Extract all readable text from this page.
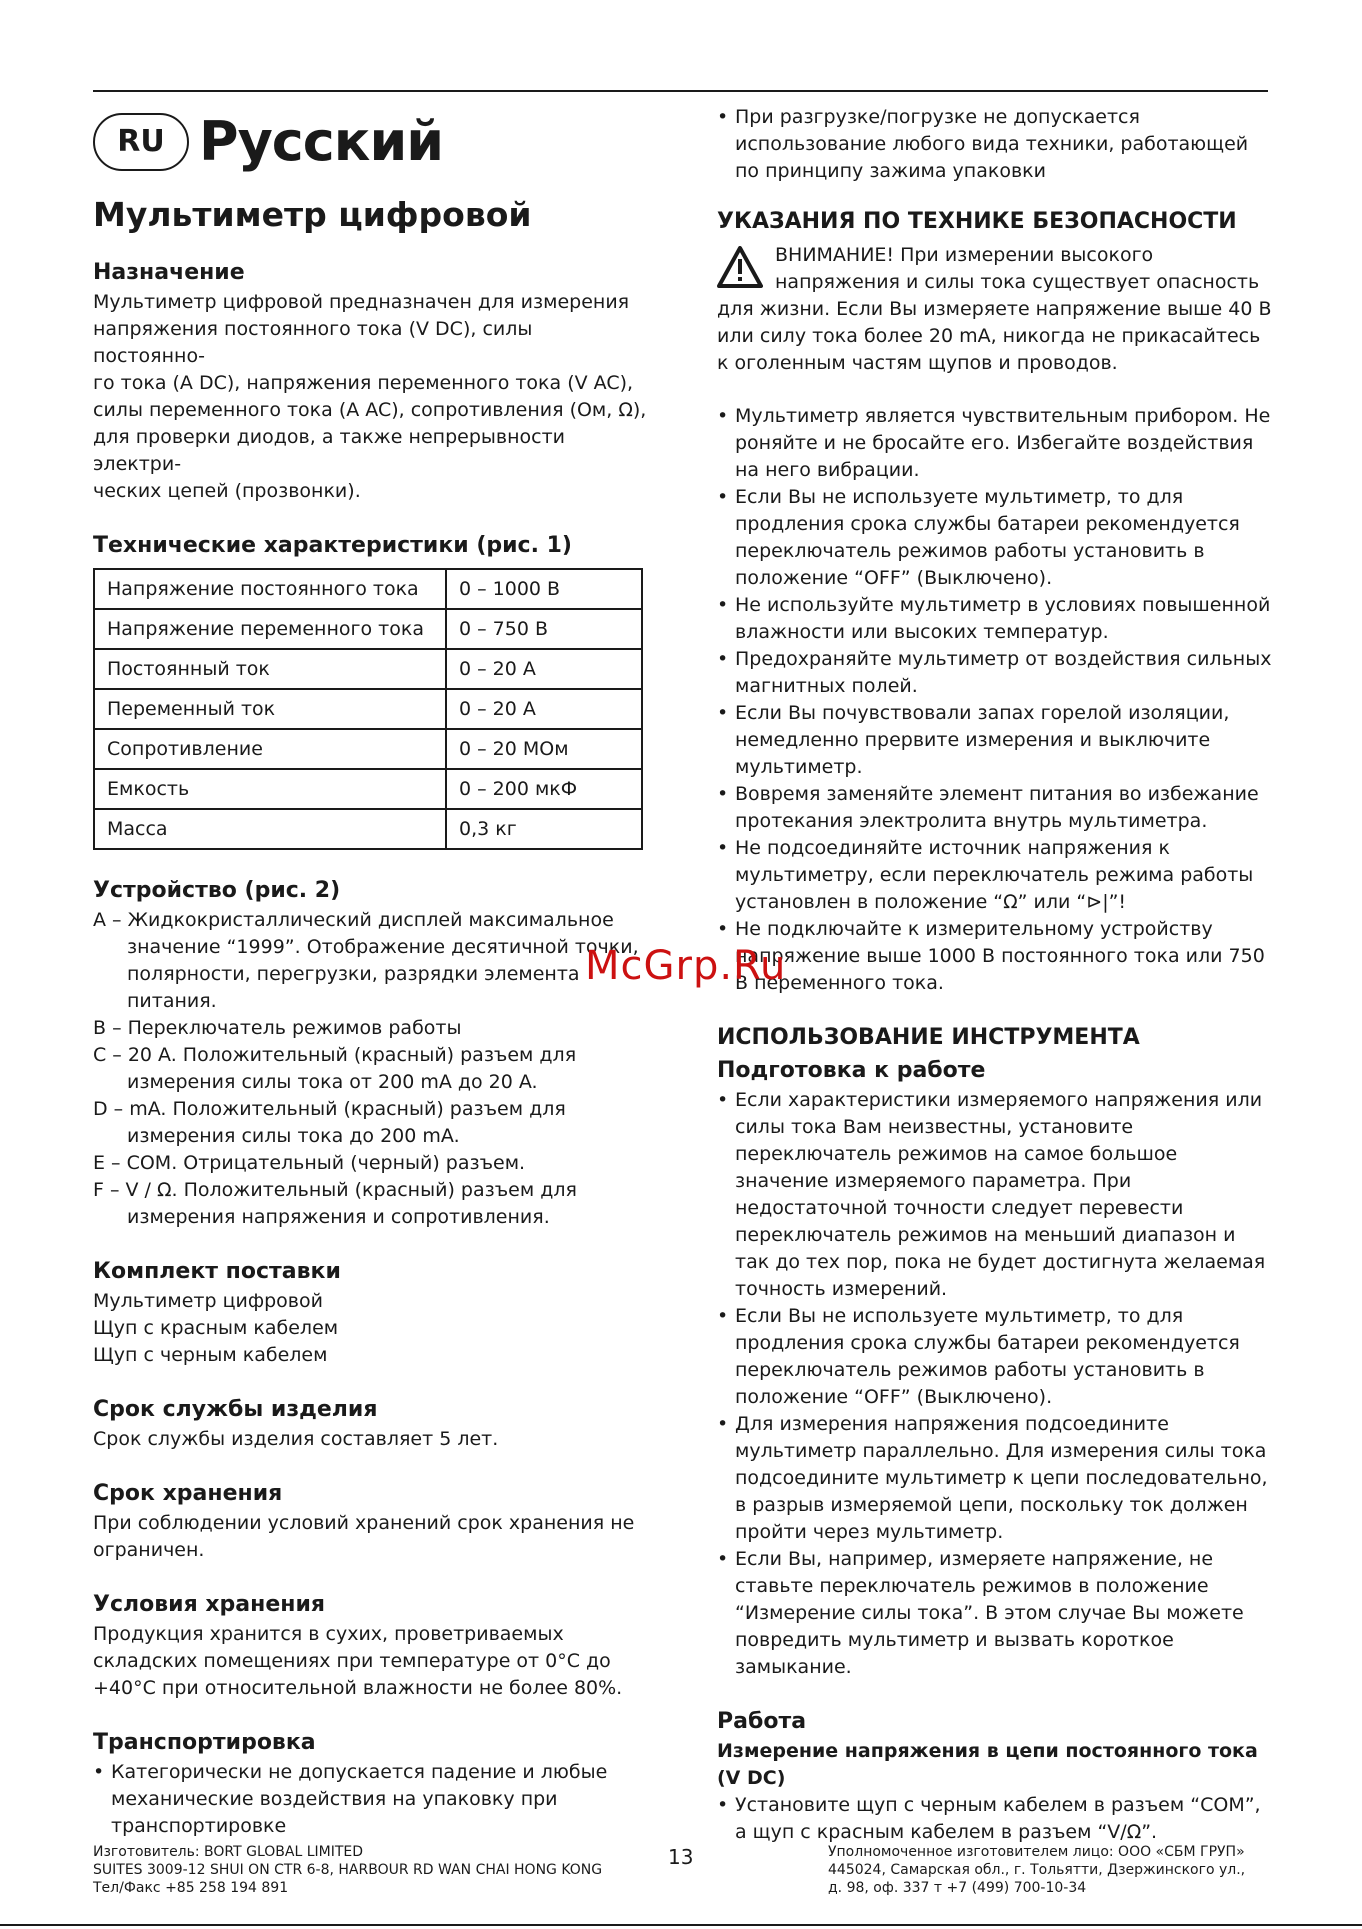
RU Русский
Мультиметр цифровой
Назначение
Мультиметр цифровой предназначен для измерения
напряжения постоянного тока (V DC), силы постоянно-
го тока (A DC), напряжения переменного тока (V AC),
силы переменного тока (A AC), сопротивления (Ом, Ω),
для проверки диодов, а также непрерывности электри-
ческих цепей (прозвонки).
Технические характеристики (рис. 1)
Напряжение постоянного тока	0 – 1000 В
Напряжение переменного тока	0 – 750 В
Постоянный ток	0 – 20 А
Переменный ток	0 – 20 А
Сопротивление	0 – 20 МОм
Емкость	0 – 200 мкФ
Масса	0,3 кг
Устройство (рис. 2)
A – Жидкокристаллический дисплей максимальное значение “1999”. Отображение десятичной точки, полярности, перегрузки, разрядки элемента питания.
B – Переключатель режимов работы
C – 20 A. Положительный (красный) разъем для измерения силы тока от 200 mA до 20 A.
D – mA. Положительный (красный) разъем для измерения силы тока до 200 mA.
E – COM. Отрицательный (черный) разъем.
F – V / Ω. Положительный (красный) разъем для измерения напряжения и сопротивления.
Комплект поставки
Мультиметр цифровой
Щуп с красным кабелем
Щуп с черным кабелем
Срок службы изделия

Срок службы изделия составляет 5 лет.

Срок хранения

При соблюдении условий хранений срок хранения не ограничен.

Условия хранения

Продукция хранится в сухих, проветриваемых складских помещениях при температуре от 0°C до +40°C при относительной влажности не более 80%.

Транспортировка
• Категорически не допускается падение и любые механические воздействия на упаковку при транспортировке
• При разгрузке/погрузке не допускается использование любого вида техники, работающей по принципу зажима упаковки
УКАЗАНИЯ ПО ТЕХНИКЕ БЕЗОПАСНОСТИ
ВНИМАНИЕ! При измерении высокого напряжения и силы тока существует опасность для жизни. Если Вы измеряете напряжение выше 40 В или силу тока более 20 mA, никогда не прикасайтесь к оголенным частям щупов и проводов.
• Мультиметр является чувствительным прибором. Не роняйте и не бросайте его. Избегайте воздействия на него вибрации.
• Если Вы не используете мультиметр, то для продления срока службы батареи рекомендуется переключатель режимов работы установить в положение “OFF” (Выключено).
• Не используйте мультиметр в условиях повышенной влажности или высоких температур.
• Предохраняйте мультиметр от воздействия сильных магнитных полей.
• Если Вы почувствовали запах горелой изоляции, немедленно прервите измерения и выключите мультиметр.
• Вовремя заменяйте элемент питания во избежание протекания электролита внутрь мультиметра.
• Не подсоединяйте источник напряжения к мультиметру, если переключатель режима работы установлен в положение “Ω” или “⊳|”!
• Не подключайте к измерительному устройству напряжение выше 1000 В постоянного тока или 750 В переменного тока.
ИСПОЛЬЗОВАНИЕ ИНСТРУМЕНТА
Подготовка к работе
• Если характеристики измеряемого напряжения или силы тока Вам неизвестны, установите переключатель режимов на самое большое значение измеряемого параметра. При недостаточной точности следует перевести переключатель режимов на меньший диапазон и так до тех пор, пока не будет достигнута желаемая точность измерений.
• Если Вы не используете мультиметр, то для продления срока службы батареи рекомендуется переключатель режимов работы установить в положение “OFF” (Выключено).
• Для измерения напряжения подсоедините мультиметр параллельно. Для измерения силы тока подсоедините мультиметр к цепи последовательно, в разрыв измеряемой цепи, поскольку ток должен пройти через мультиметр.
• Если Вы, например, измеряете напряжение, не ставьте переключатель режимов в положение “Измерение силы тока”. В этом случае Вы можете повредить мультиметр и вызвать короткое замыкание.
Работа
Измерение напряжения в цепи постоянного тока (V DC)
• Установите щуп с черным кабелем в разъем “COM”, а щуп с красным кабелем в разъем “V/Ω”.
McGrp.Ru
Изготовитель: BORT GLOBAL LIMITED
SUITES 3009-12 SHUI ON CTR 6-8, HARBOUR RD WAN CHAI HONG KONG
Тел/Факс +85 258 194 891
13	Уполномоченное изготовителем лицо: ООО «СБМ ГРУП»
445024, Самарская обл., г. Тольятти, Дзержинского ул.,
д. 98, оф. 337 т +7 (499) 700-10-34
